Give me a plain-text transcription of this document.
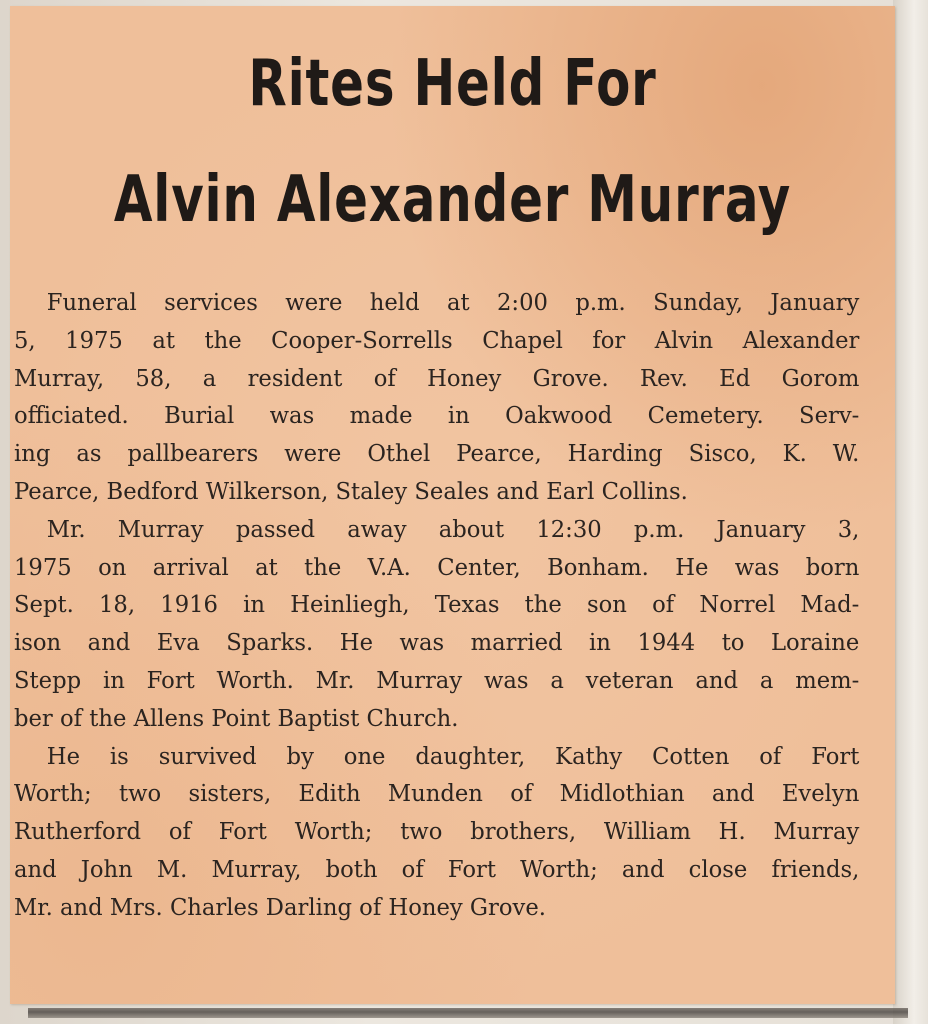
Rites Held For
Alvin Alexander Murray
Funeral services were held at 2:00 p.m. Sunday, January
5, 1975 at the Cooper-Sorrells Chapel for Alvin Alexander
Murray, 58, a resident of Honey Grove. Rev. Ed Gorom
officiated. Burial was made in Oakwood Cemetery. Serv-
ing as pallbearers were Othel Pearce, Harding Sisco, K. W.
Pearce, Bedford Wilkerson, Staley Seales and Earl Collins.
Mr. Murray passed away about 12:30 p.m. January 3,
1975 on arrival at the V.A. Center, Bonham. He was born
Sept. 18, 1916 in Heinliegh, Texas the son of Norrel Mad-
ison and Eva Sparks. He was married in 1944 to Loraine
Stepp in Fort Worth. Mr. Murray was a veteran and a mem-
ber of the Allens Point Baptist Church.
He is survived by one daughter, Kathy Cotten of Fort
Worth; two sisters, Edith Munden of Midlothian and Evelyn
Rutherford of Fort Worth; two brothers, William H. Murray
and John M. Murray, both of Fort Worth; and close friends,
Mr. and Mrs. Charles Darling of Honey Grove.
